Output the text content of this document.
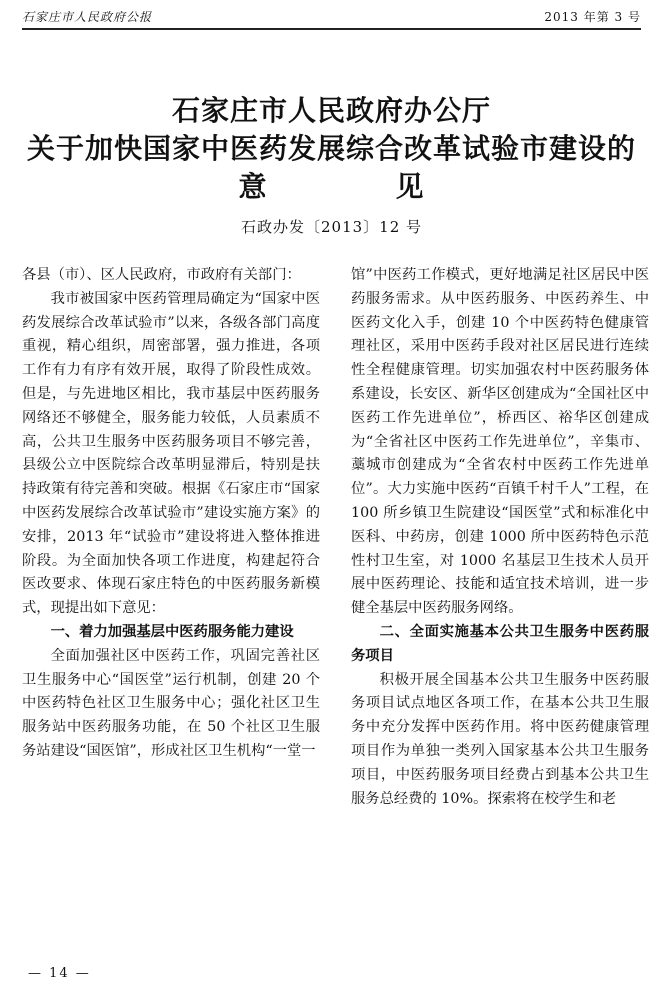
石家庄市人民政府公报	2013 年第 3 号
石家庄市人民政府办公厅
关于加快国家中医药发展综合改革试验市建设的
意	见
石政办发〔2013〕12 号

各县（市）、区人民政府，市政府有关部门：

我市被国家中医药管理局确定为“国家中医药发展综合改革试验市”以来，各级各部门高度重视，精心组织，周密部署，强力推进，各项工作有力有序有效开展，取得了阶段性成效。但是，与先进地区相比，我市基层中医药服务网络还不够健全，服务能力较低，人员素质不高，公共卫生服务中医药服务项目不够完善，县级公立中医院综合改革明显滞后，特别是扶持政策有待完善和突破。根据《石家庄市“国家中医药发展综合改革试验市”建设实施方案》的安排，2013 年“试验市”建设将进入整体推进阶段。为全面加快各项工作进度，构建起符合医改要求、体现石家庄特色的中医药服务新模式，现提出如下意见：

一、着力加强基层中医药服务能力建设

全面加强社区中医药工作，巩固完善社区卫生服务中心“国医堂”运行机制，创建 20 个中医药特色社区卫生服务中心；强化社区卫生服务站中医药服务功能，在 50 个社区卫生服务站建设“国医馆”，形成社区卫生机构“一堂一

馆”中医药工作模式，更好地满足社区居民中医药服务需求。从中医药服务、中医药养生、中医药文化入手，创建 10 个中医药特色健康管理社区，采用中医药手段对社区居民进行连续性全程健康管理。切实加强农村中医药服务体系建设，长安区、新华区创建成为“全国社区中医药工作先进单位”，桥西区、裕华区创建成为“全省社区中医药工作先进单位”，辛集市、藁城市创建成为“全省农村中医药工作先进单位”。大力实施中医药“百镇千村千人”工程，在 100 所乡镇卫生院建设“国医堂”式和标准化中医科、中药房，创建 1000 所中医药特色示范性村卫生室，对 1000 名基层卫生技术人员开展中医药理论、技能和适宜技术培训，进一步健全基层中医药服务网络。

二、全面实施基本公共卫生服务中医药服务项目

积极开展全国基本公共卫生服务中医药服务项目试点地区各项工作，在基本公共卫生服务中充分发挥中医药作用。将中医药健康管理项目作为单独一类列入国家基本公共卫生服务项目，中医药服务项目经费占到基本公共卫生服务总经费的 10%。探索将在校学生和老

— 14 —
